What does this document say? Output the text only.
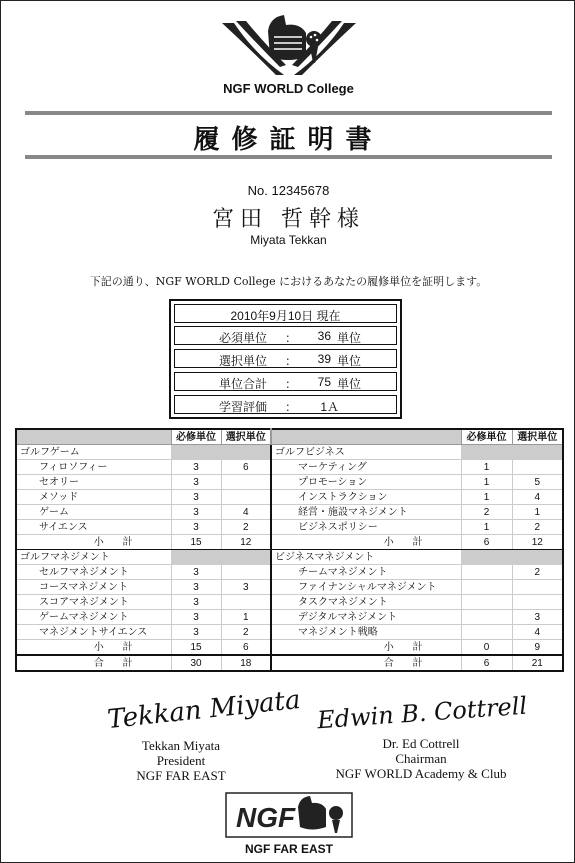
NGF WORLD College
履修証明書
No. 12345678
宮田 哲幹様
Miyata Tekkan
下記の通り、NGF WORLD College におけるあなたの履修単位を証明します。
2010年9月10日 現在
必須単位 ：	36 単位
選択単位 ：	39 単位
単位合計 ：	75 単位
学習評価 ：	1Ａ
	必修単位	選択単位		必修単位	選択単位
ゴルフゲーム			ゴルフビジネス		
フィロソフィー	3	6	マーケティング	1	
セオリー	3		プロモーション	1	5
メソッド	3		インストラクション	1	4
ゲーム	3	4	経営・施設マネジメント	2	1
サイエンス	3	2	ビジネスポリシー	1	2
小 計	15	12	小 計	6	12
ゴルフマネジメント			ビジネスマネジメント		
セルフマネジメント	3		チームマネジメント		2
コースマネジメント	3	3	ファイナンシャルマネジメント		
スコアマネジメント	3		タスクマネジメント		
ゲームマネジメント	3	1	デジタルマネジメント		3
マネジメントサイエンス	3	2	マネジメント戦略		4
小 計	15	6	小 計	0	9
合 計	30	18	合 計	6	21
Tekkan Miyata
Tekkan Miyata
President
NGF FAR EAST
Edwin B. Cottrell
Dr. Ed Cottrell
Chairman
NGF WORLD Academy & Club
NGF
NGF FAR EAST
